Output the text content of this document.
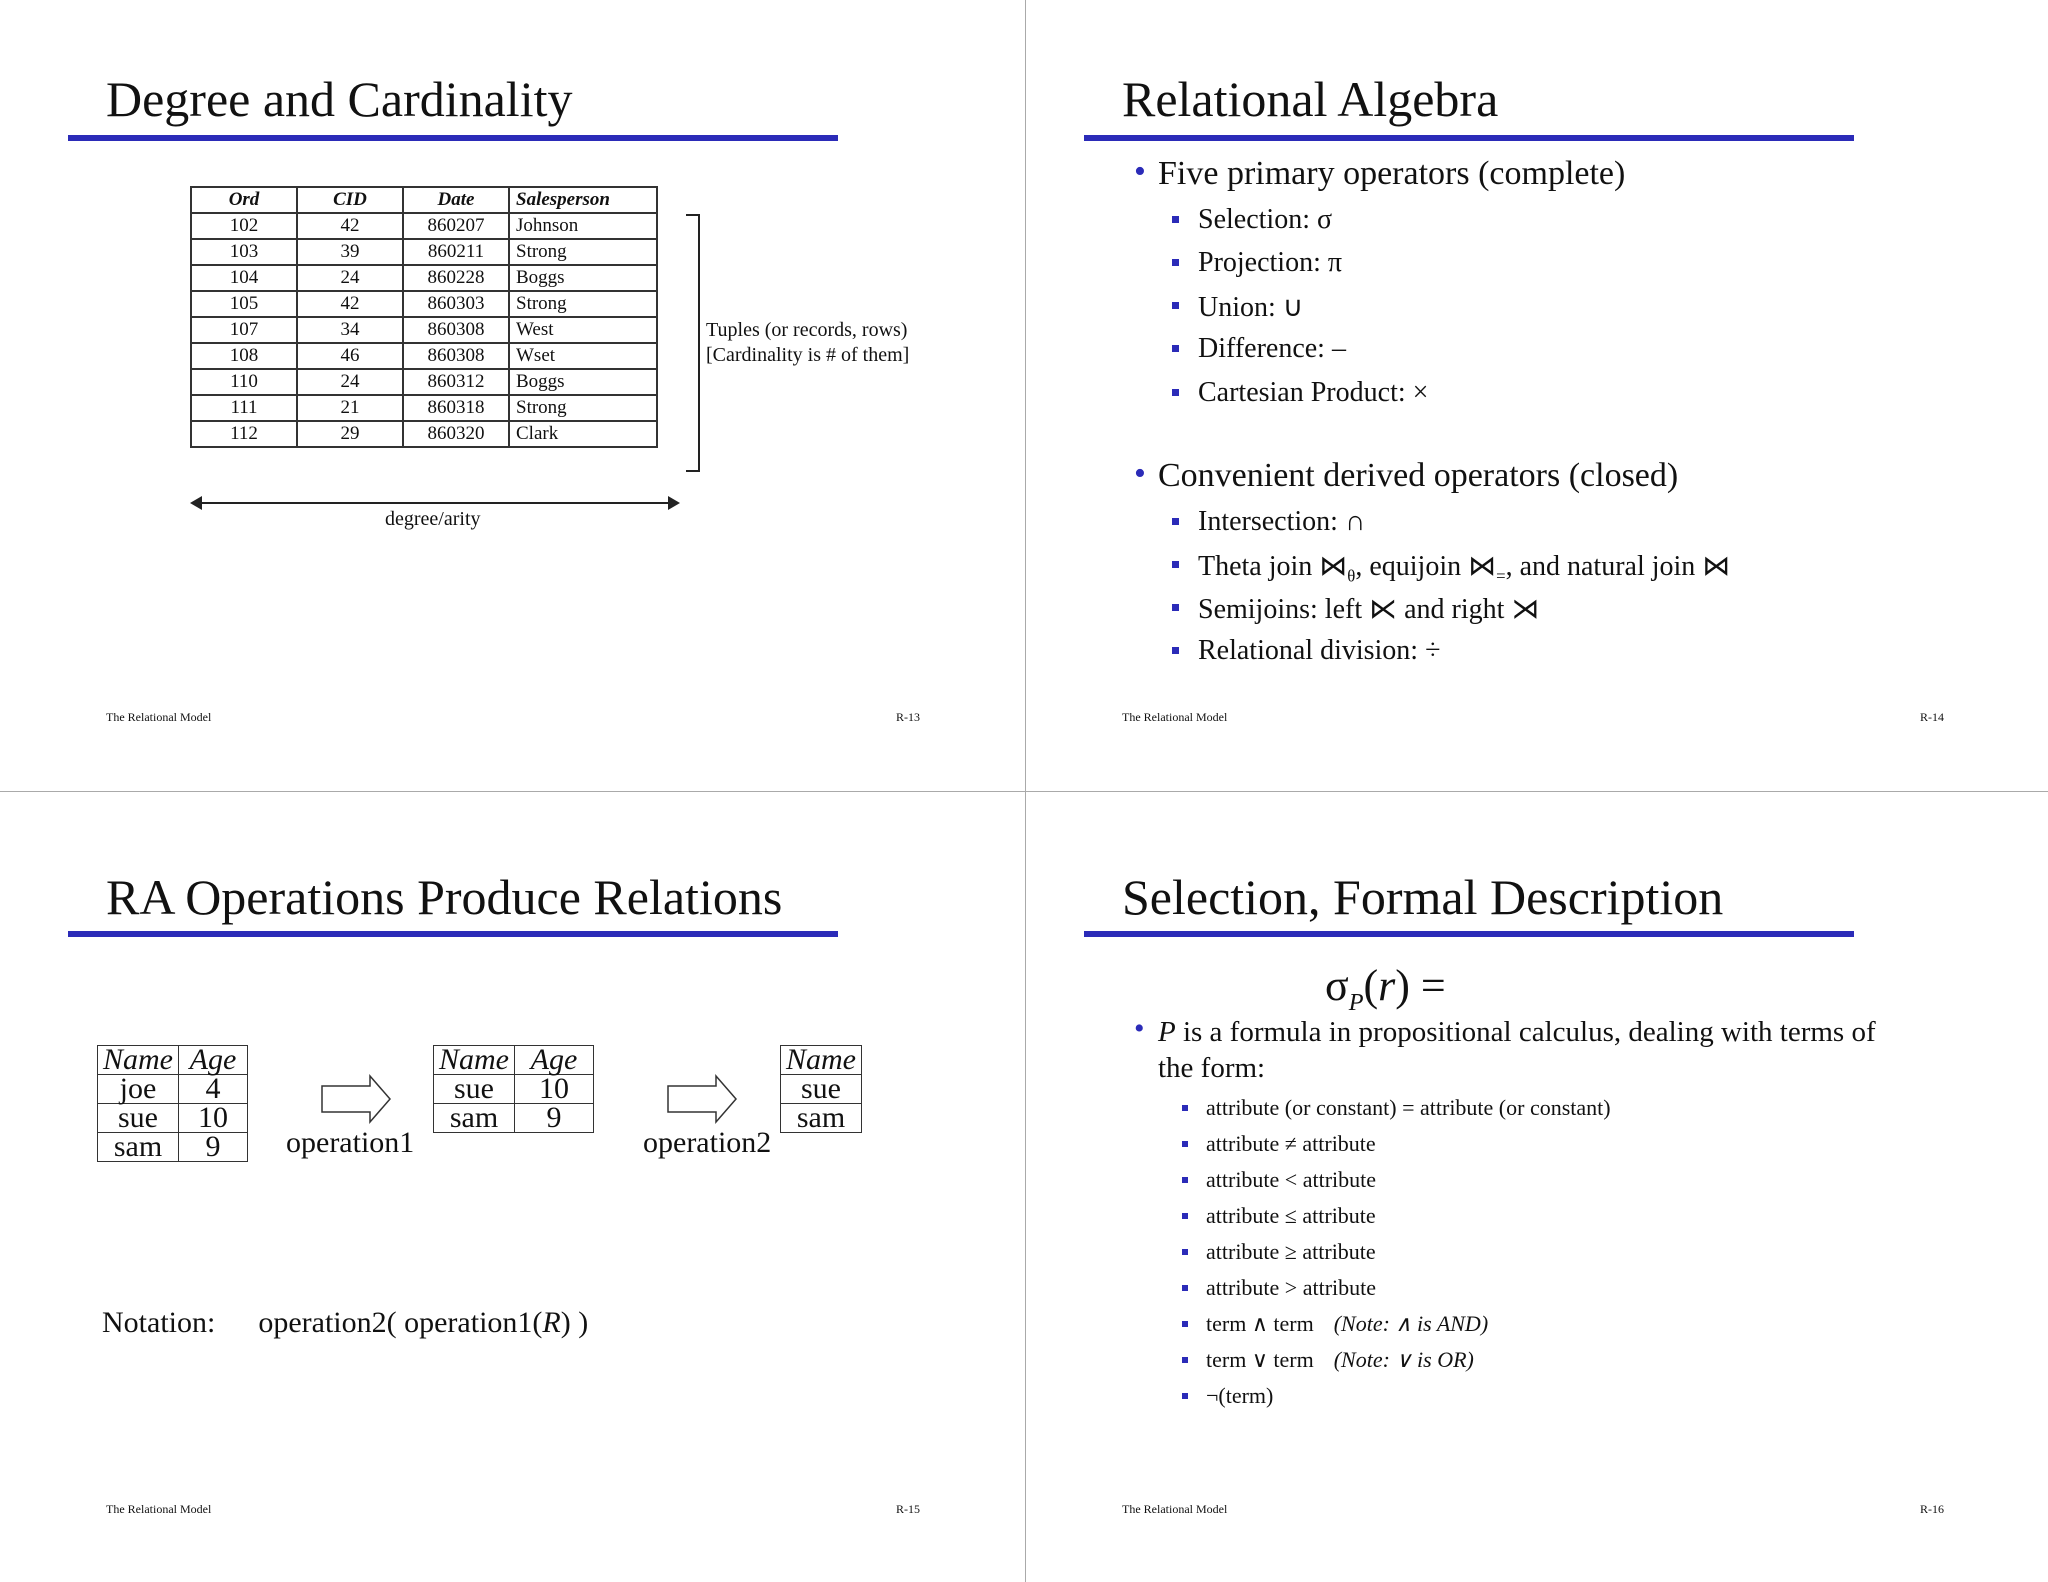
Degree and Cardinality
Ord	CID	Date	Salesperson
102	42	860207	Johnson
103	39	860211	Strong
104	24	860228	Boggs
105	42	860303	Strong
107	34	860308	West
108	46	860308	Wset
110	24	860312	Boggs
111	21	860318	Strong
112	29	860320	Clark
Tuples (or records, rows)
[Cardinality is # of them]
degree/arity
The Relational Model	R-13
Relational Algebra
• Five primary operators (complete)
Selection: σ
Projection: π
Union: ∪
Difference: –
Cartesian Product: ×
• Convenient derived operators (closed)
Intersection: ∩
Theta join $⋈_\theta$, equijoin $⋈_=$, and natural join ⋈
Semijoins: left ⋉ and right ⋊
Relational division: ÷
The Relational Model	R-14
RA Operations Produce Relations
Name	Age
joe	4
sue	10
sam	9 operation1
Name	Age
sue	10
sam	9
operation2
Name
sue
sam
Notation: operation2( operation1(R) )
The Relational Model	R-15
Selection, Formal Description
$\sigma_P(r)$ =
• P is a formula in propositional calculus, dealing with terms of
the form:
attribute (or constant) = attribute (or constant)
attribute ≠ attribute
attribute < attribute
attribute ≤ attribute
attribute ≥ attribute
attribute > attribute
term ∧ term (Note: ∧ is AND)
term ∨ term (Note: ∨ is OR)
¬(term)
The Relational Model	R-16
